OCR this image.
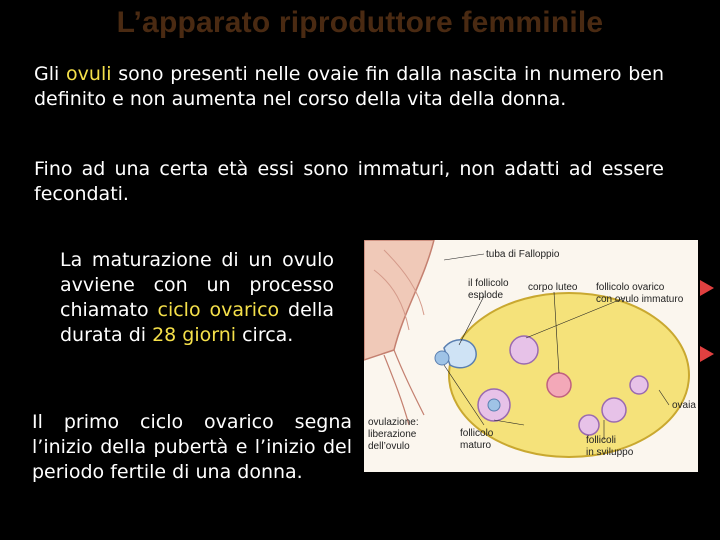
L’apparato riproduttore femminile

Gli ovuli sono presenti nelle ovaie fin dalla nascita in numero ben definito e non aumenta nel corso della vita della donna.

Fino ad una certa età essi sono immaturi, non adatti ad essere fecondati.

La maturazione di un ovulo avviene con un processo chiamato ciclo ovarico della durata di 28 giorni circa.

Il primo ciclo ovarico segna l’inizio della pubertà e l’inizio del periodo fertile di una donna.

tuba di Falloppio
il follicolo
esplode
corpo luteo follicolo ovarico
con ovulo immaturo
ovaia
ovulazione:
liberazione
dell’ovulo
follicolo
maturo	follicoli
in sviluppo
